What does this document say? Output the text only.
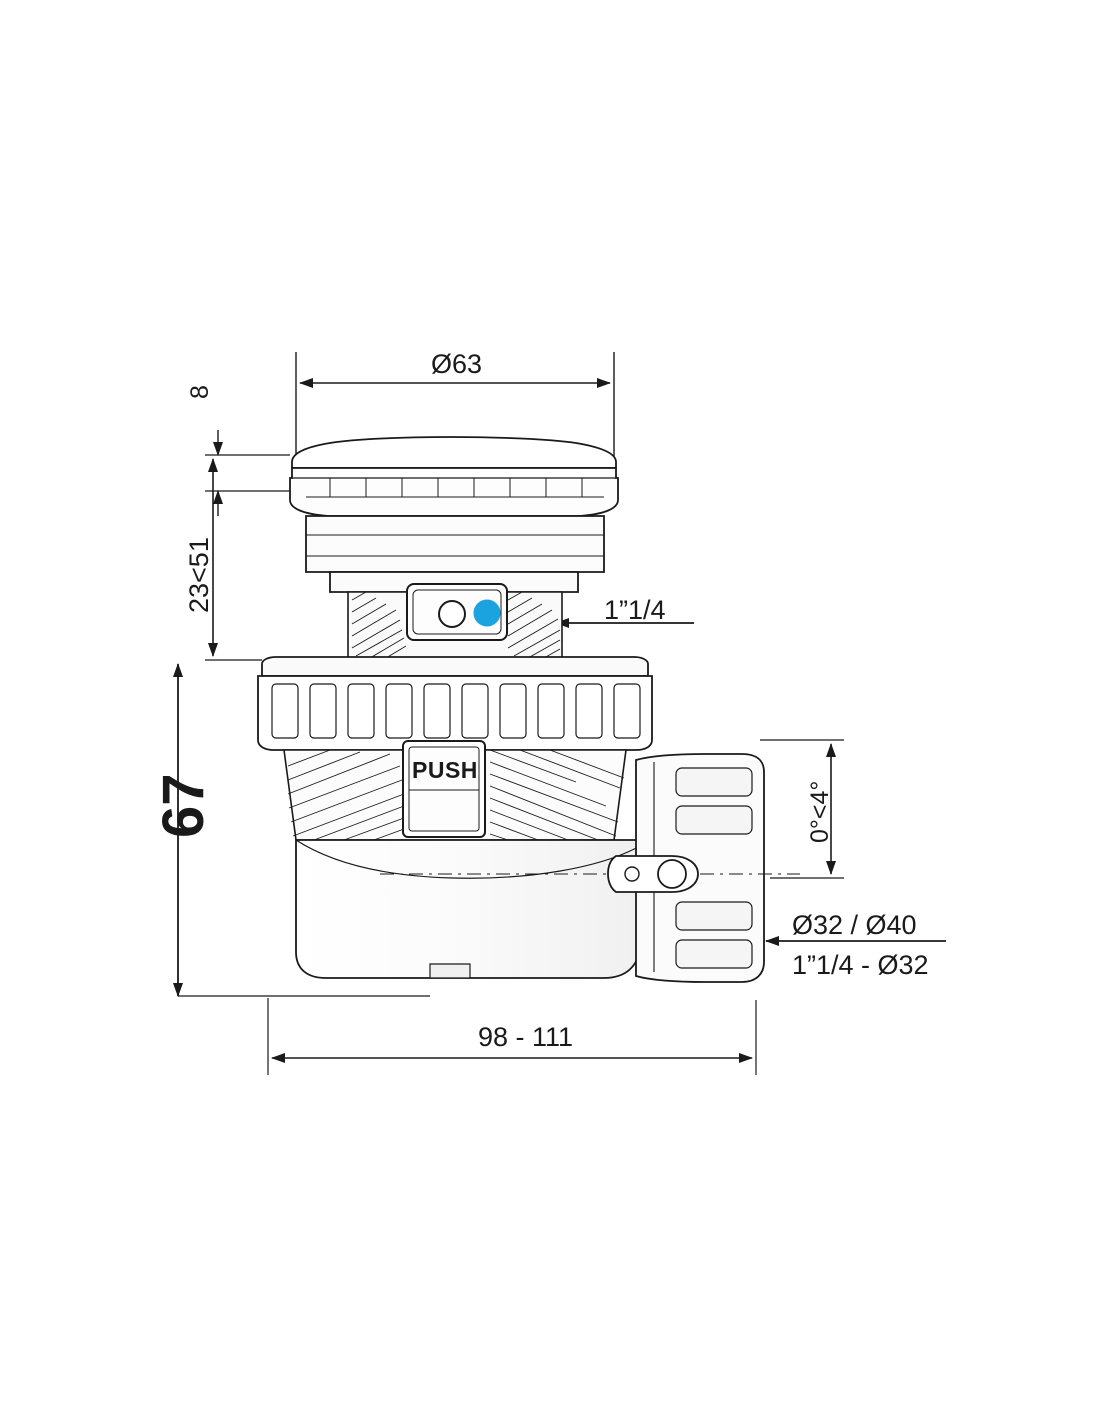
Ø63
8
23<51
67
1”1/4
0°<4°
Ø32 / Ø40
1”1/4 - Ø32
98 - 111
PUSH
